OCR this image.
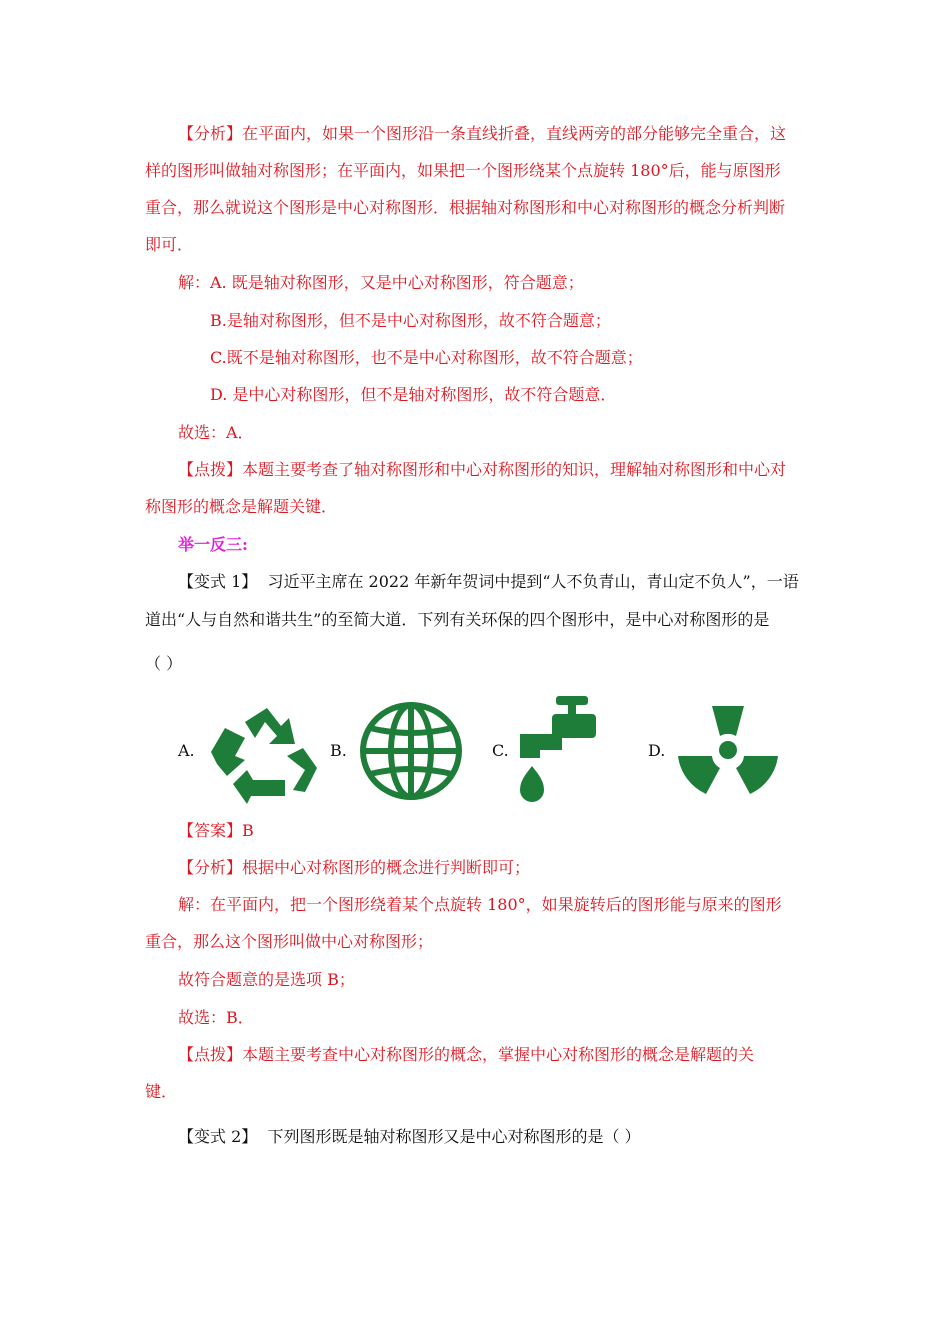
【分析】在平面内，如果一个图形沿一条直线折叠，直线两旁的部分能够完全重合，这
样的图形叫做轴对称图形；在平面内，如果把一个图形绕某个点旋转 180°后，能与原图形
重合，那么就说这个图形是中心对称图形．根据轴对称图形和中心对称图形的概念分析判断
即可．
解：A. 既是轴对称图形，又是中心对称图形，符合题意；
B.是轴对称图形，但不是中心对称图形，故不符合题意；
C.既不是轴对称图形，也不是中心对称图形，故不符合题意；
D. 是中心对称图形，但不是轴对称图形，故不符合题意．
故选：A．
【点拨】本题主要考查了轴对称图形和中心对称图形的知识，理解轴对称图形和中心对
称图形的概念是解题关键．
举一反三:
【变式 1】 习近平主席在 2022 年新年贺词中提到“人不负青山，青山定不负人”，一语
道出“人与自然和谐共生”的至简大道．下列有关环保的四个图形中，是中心对称图形的是
（ ）
A.	B.	C.	D.
【答案】B
【分析】根据中心对称图形的概念进行判断即可；
解：在平面内，把一个图形绕着某个点旋转 180°，如果旋转后的图形能与原来的图形
重合，那么这个图形叫做中心对称图形；
故符合题意的是选项 B；
故选：B．
【点拨】本题主要考查中心对称图形的概念，掌握中心对称图形的概念是解题的关
键．
【变式 2】 下列图形既是轴对称图形又是中心对称图形的是（ ）
